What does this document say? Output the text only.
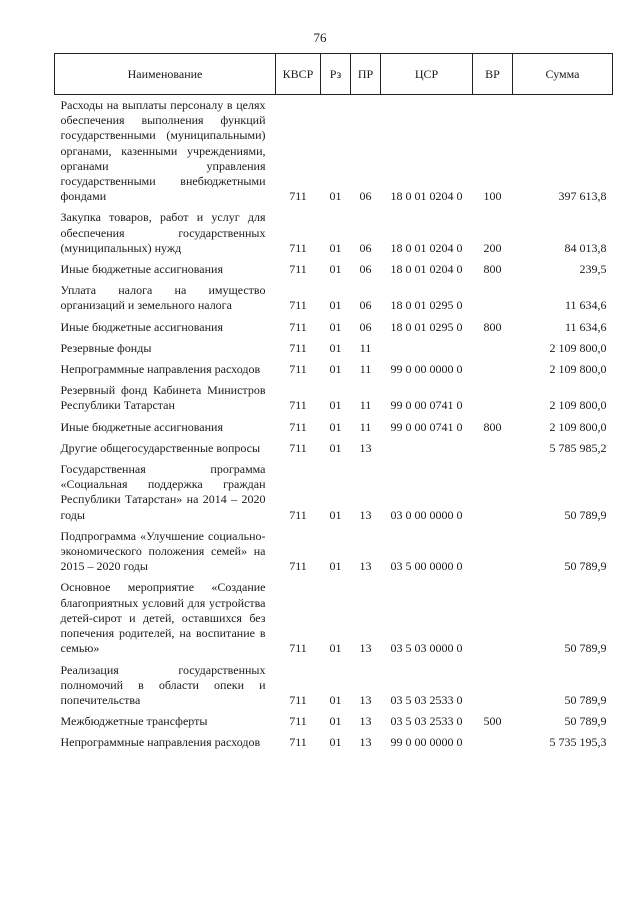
76
Наименование	КВСР	Рз	ПР	ЦСР	ВР	Сумма
Расходы на выплаты персоналу в целях обеспечения выполнения функций государственными (муниципальными) органами, казенными учреждениями, органами управления государственными внебюджетными фондами	711	01	06	18 0 01 0204 0	100	397 613,8
Закупка товаров, работ и услуг для обеспечения государственных (муниципальных) нужд	711	01	06	18 0 01 0204 0	200	84 013,8
Иные бюджетные ассигнования	711	01	06	18 0 01 0204 0	800	239,5
Уплата налога на имущество организаций и земельного налога	711	01	06	18 0 01 0295 0		11 634,6
Иные бюджетные ассигнования	711	01	06	18 0 01 0295 0	800	11 634,6
Резервные фонды	711	01	11			2 109 800,0
Непрограммные направления расходов	711	01	11	99 0 00 0000 0		2 109 800,0
Резервный фонд Кабинета Министров Республики Татарстан	711	01	11	99 0 00 0741 0		2 109 800,0
Иные бюджетные ассигнования	711	01	11	99 0 00 0741 0	800	2 109 800,0
Другие общегосударственные вопросы	711	01	13			5 785 985,2
Государственная программа «Социальная поддержка граждан Республики Татарстан» на 2014 – 2020 годы	711	01	13	03 0 00 0000 0		50 789,9
Подпрограмма «Улучшение социально-экономического положения семей» на 2015 – 2020 годы	711	01	13	03 5 00 0000 0		50 789,9
Основное мероприятие «Создание благоприятных условий для устройства детей-сирот и детей, оставшихся без попечения родителей, на воспитание в семью»	711	01	13	03 5 03 0000 0		50 789,9
Реализация государственных полномочий в области опеки и попечительства	711	01	13	03 5 03 2533 0		50 789,9
Межбюджетные трансферты	711	01	13	03 5 03 2533 0	500	50 789,9
Непрограммные направления расходов	711	01	13	99 0 00 0000 0		5 735 195,3
